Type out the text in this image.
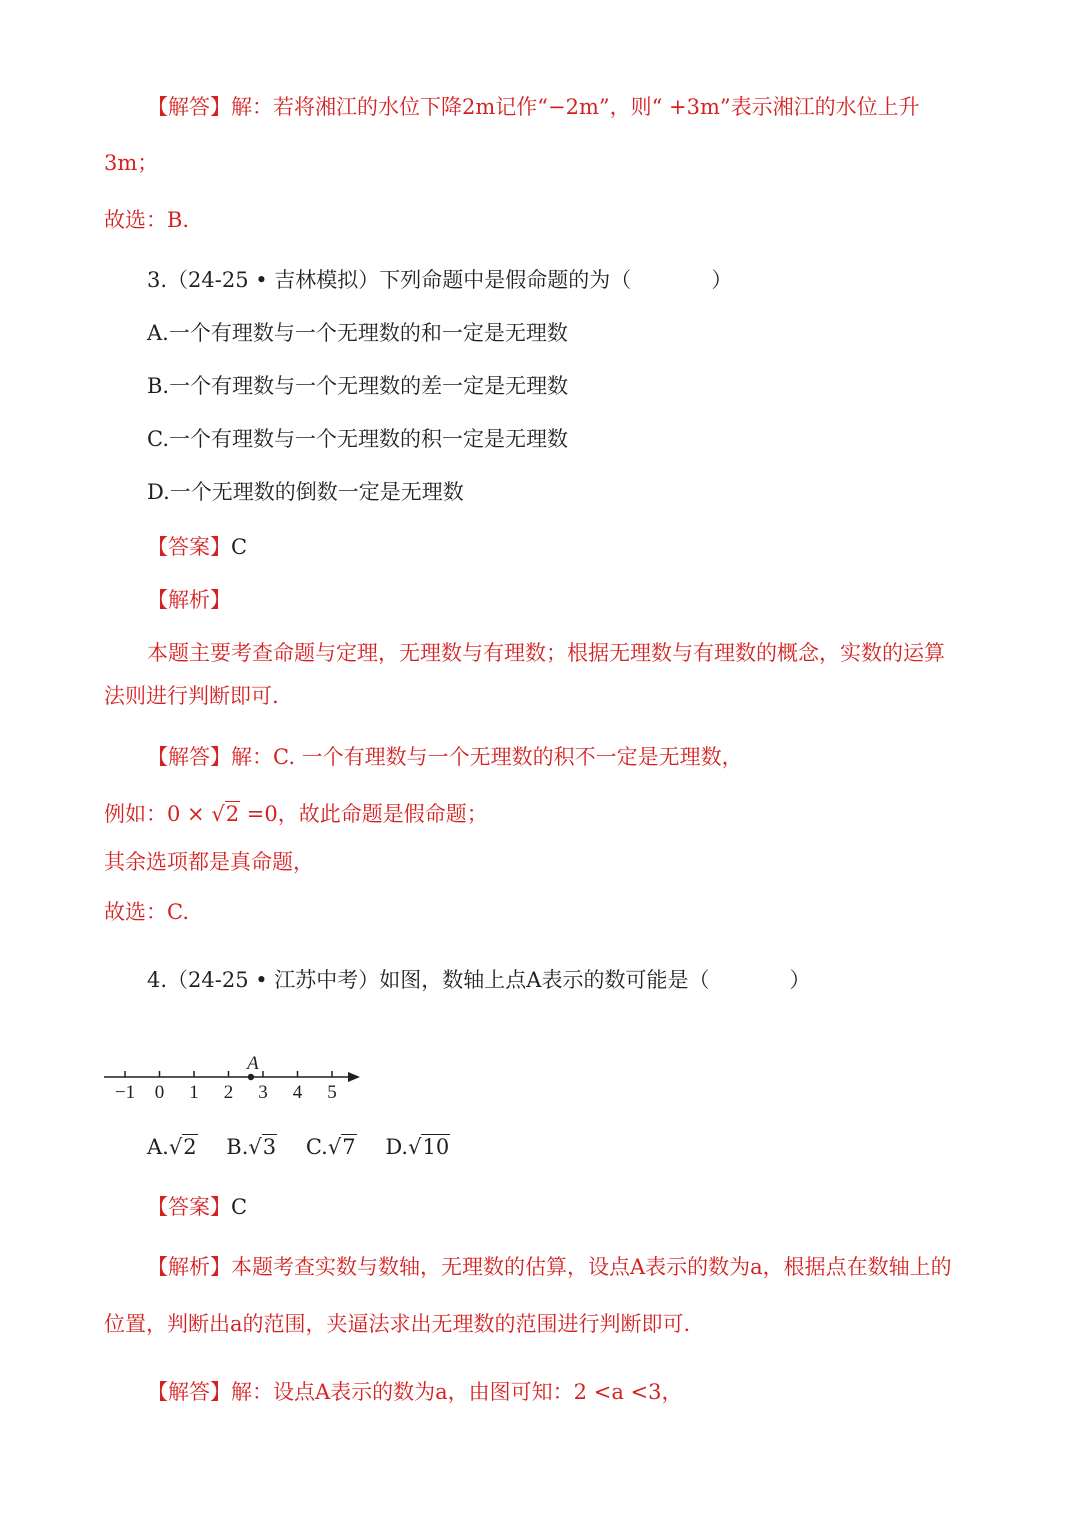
【解答】解：若将湘江的水位下降2m记作“−2m”，则“ +3m”表示湘江的水位上升
3m；
故选：B.
3.（24-25 • 吉林模拟）下列命题中是假命题的为（	）
A.一个有理数与一个无理数的和一定是无理数
B.一个有理数与一个无理数的差一定是无理数
C.一个有理数与一个无理数的积一定是无理数
D.一个无理数的倒数一定是无理数
【答案】C
【解析】
本题主要考查命题与定理，无理数与有理数；根据无理数与有理数的概念，实数的运算
法则进行判断即可.
【解答】解：C. 一个有理数与一个无理数的积不一定是无理数，
例如：0 × √2 =0，故此命题是假命题；
其余选项都是真命题，
故选：C.
4.（24-25 • 江苏中考）如图，数轴上点A表示的数可能是（	）
−1 0 1 2 3 4 5
A
A.√2 B.√3 C.√7 D.√10
【答案】C
【解析】本题考查实数与数轴，无理数的估算，设点A表示的数为a，根据点在数轴上的
位置，判断出a的范围，夹逼法求出无理数的范围进行判断即可.
【解答】解：设点A表示的数为a，由图可知：2 <a <3，
